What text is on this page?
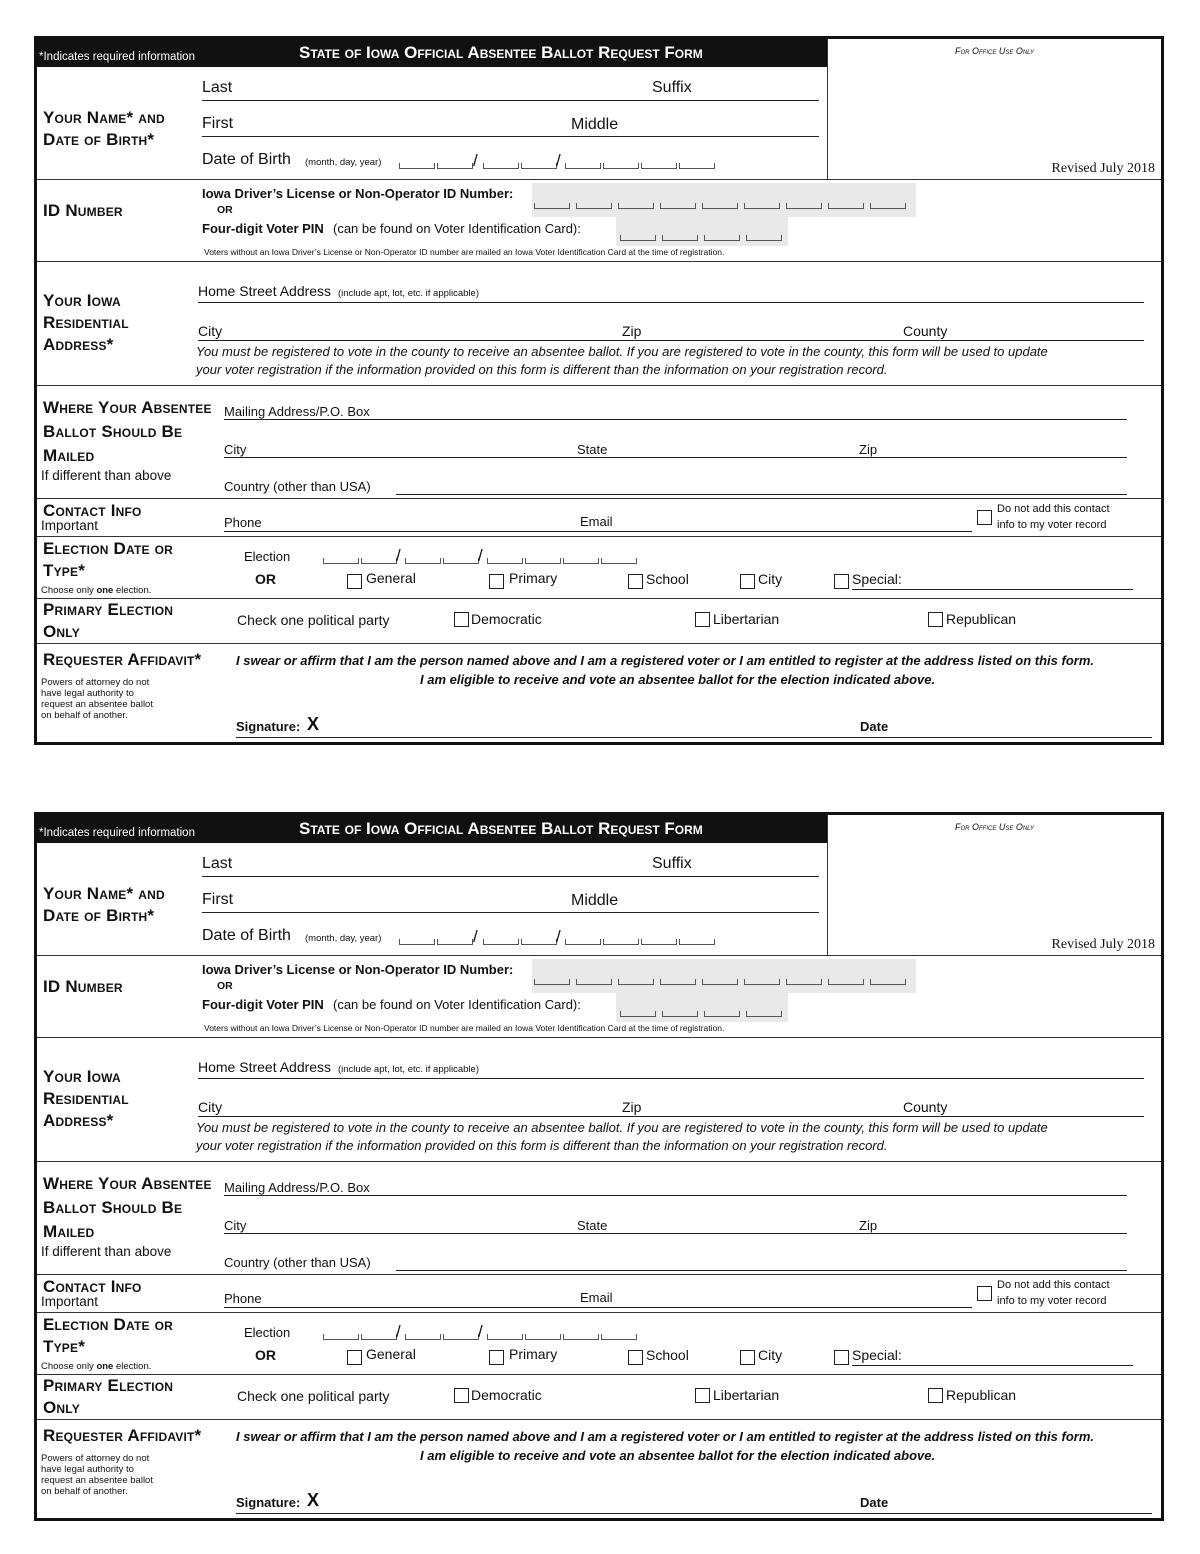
*Indicates required information	State of Iowa Official Absentee Ballot Request Form	For Office Use Only
Revised July 2018
Your Name* and Date of Birth*
Last	Suffix
First	Middle
Date of Birth (month, day, year)	/	/
ID Number
Iowa Driver’s License or Non-Operator ID Number:
OR
Four-digit Voter PIN (can be found on Voter Identification Card):
Voters without an Iowa Driver’s License or Non-Operator ID number are mailed an Iowa Voter Identification Card at the time of registration.
Your Iowa Residential Address*
Home Street Address (include apt, lot, etc. if applicable)
City	Zip	County
You must be registered to vote in the county to receive an absentee ballot. If you are registered to vote in the county, this form will be used to update
your voter registration if the information provided on this form is different than the information on your registration record.
Where Your Absentee Ballot Should Be Mailed
If different than above
Mailing Address/P.O. Box
City	State	Zip
Country (other than USA)
Contact Info
Important	Phone	Email
Do not add this contact
info to my voter record
Election Date or Type*
Choose only one election.
Election	/	/
OR	General	Primary	School	City	Special:
Primary Election Only
Check one political party	Democratic	Libertarian	Republican
Requester Affidavit*
Powers of attorney do not
have legal authority to
request an absentee ballot
on behalf of another.
I swear or affirm that I am the person named above and I am a registered voter or I am entitled to register at the address listed on this form.
I am eligible to receive and vote an absentee ballot for the election indicated above.
Signature: X	Date
*Indicates required information	State of Iowa Official Absentee Ballot Request Form	For Office Use Only
Revised July 2018
Your Name* and Date of Birth*
Last	Suffix
First	Middle
Date of Birth (month, day, year)	/	/
ID Number
Iowa Driver’s License or Non-Operator ID Number:
OR
Four-digit Voter PIN (can be found on Voter Identification Card):
Voters without an Iowa Driver’s License or Non-Operator ID number are mailed an Iowa Voter Identification Card at the time of registration.
Your Iowa Residential Address*
Home Street Address (include apt, lot, etc. if applicable)
City	Zip	County
You must be registered to vote in the county to receive an absentee ballot. If you are registered to vote in the county, this form will be used to update
your voter registration if the information provided on this form is different than the information on your registration record.
Where Your Absentee Ballot Should Be Mailed
If different than above
Mailing Address/P.O. Box
City	State	Zip
Country (other than USA)
Contact Info
Important	Phone	Email
Do not add this contact
info to my voter record
Election Date or Type*
Choose only one election.
Election	/	/
OR	General	Primary	School	City	Special:
Primary Election Only
Check one political party	Democratic	Libertarian	Republican
Requester Affidavit*
Powers of attorney do not
have legal authority to
request an absentee ballot
on behalf of another.
I swear or affirm that I am the person named above and I am a registered voter or I am entitled to register at the address listed on this form.
I am eligible to receive and vote an absentee ballot for the election indicated above.
Signature: X	Date
